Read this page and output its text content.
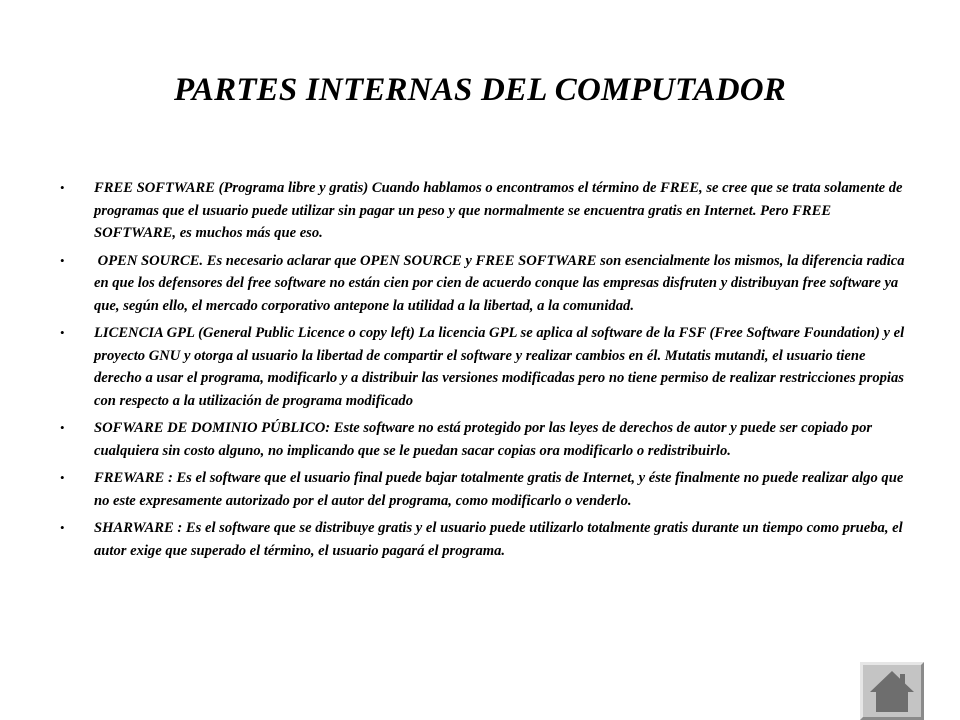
PARTES INTERNAS DEL COMPUTADOR
• FREE SOFTWARE (Programa libre y gratis) Cuando hablamos o encontramos el término de FREE, se cree que se trata solamente de programas que el usuario puede utilizar sin pagar un peso y que normalmente se encuentra gratis en Internet. Pero FREE SOFTWARE, es muchos más que eso.
• OPEN SOURCE. Es necesario aclarar que OPEN SOURCE y FREE SOFTWARE son esencialmente los mismos, la diferencia radica en que los defensores del free software no están cien por cien de acuerdo conque las empresas disfruten y distribuyan free software ya que, según ello, el mercado corporativo antepone la utilidad a la libertad, a la comunidad.
• LICENCIA GPL (General Public Licence o copy left) La licencia GPL se aplica al software de la FSF (Free Software Foundation) y el proyecto GNU y otorga al usuario la libertad de compartir el software y realizar cambios en él. Mutatis mutandi, el usuario tiene derecho a usar el programa, modificarlo y a distribuir las versiones modificadas pero no tiene permiso de realizar restricciones propias con respecto a la utilización de programa modificado
• SOFWARE DE DOMINIO PÚBLICO: Este software no está protegido por las leyes de derechos de autor y puede ser copiado por cualquiera sin costo alguno, no implicando que se le puedan sacar copias ora modificarlo o redistribuirlo.
• FREWARE : Es el software que el usuario final puede bajar totalmente gratis de Internet, y éste finalmente no puede realizar algo que no este expresamente autorizado por el autor del programa, como modificarlo o venderlo.
• SHARWARE : Es el software que se distribuye gratis y el usuario puede utilizarlo totalmente gratis durante un tiempo como prueba, el autor exige que superado el término, el usuario pagará el programa.
